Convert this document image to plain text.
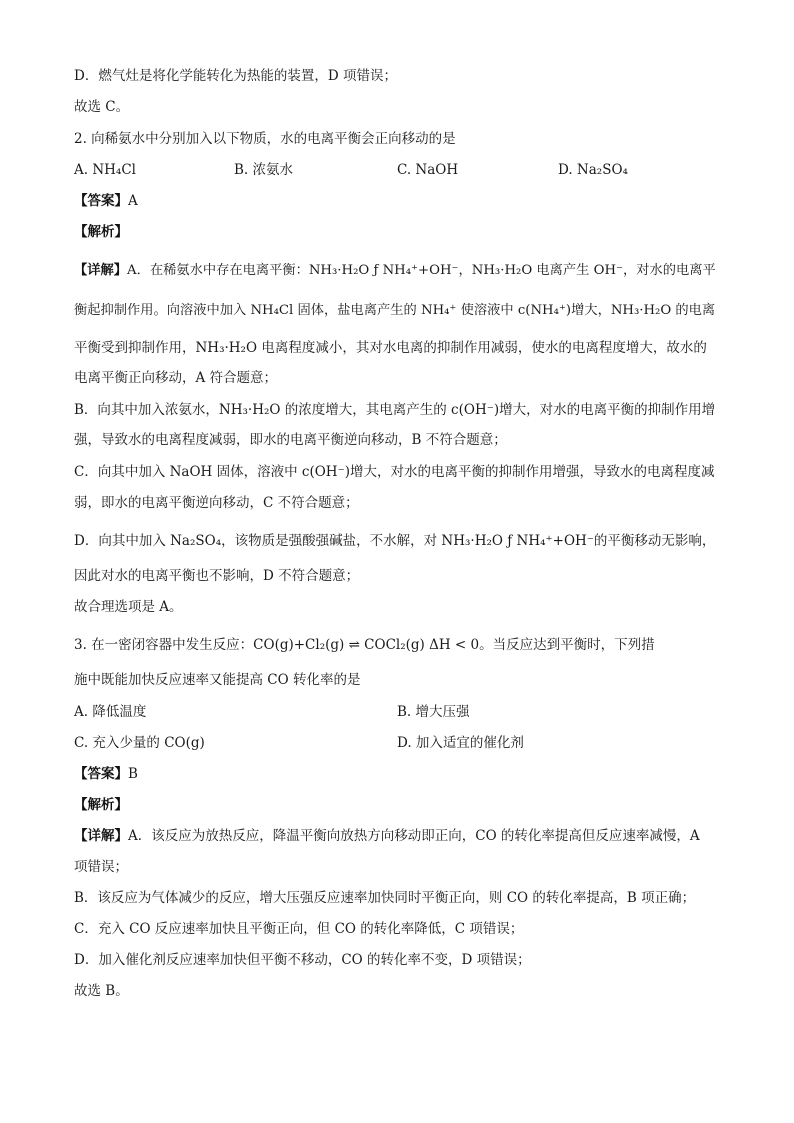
D．燃气灶是将化学能转化为热能的装置，D 项错误；
故选 C。
2. 向稀氨水中分别加入以下物质，水的电离平衡会正向移动的是
A. NH₄Cl	B. 浓氨水	C. NaOH	D. Na₂SO₄
【答案】A
【解析】
【详解】A．在稀氨水中存在电离平衡：NH₃·H₂O ƒ NH₄⁺+OH⁻，NH₃·H₂O 电离产生 OH⁻，对水的电离平
衡起抑制作用。向溶液中加入 NH₄Cl 固体，盐电离产生的 NH₄⁺ 使溶液中 c(NH₄⁺)增大，NH₃·H₂O 的电离
平衡受到抑制作用，NH₃·H₂O 电离程度减小，其对水电离的抑制作用减弱，使水的电离程度增大，故水的
电离平衡正向移动，A 符合题意；
B．向其中加入浓氨水，NH₃·H₂O 的浓度增大，其电离产生的 c(OH⁻)增大，对水的电离平衡的抑制作用增
强，导致水的电离程度减弱，即水的电离平衡逆向移动，B 不符合题意；
C．向其中加入 NaOH 固体，溶液中 c(OH⁻)增大，对水的电离平衡的抑制作用增强，导致水的电离程度减
弱，即水的电离平衡逆向移动，C 不符合题意；
D．向其中加入 Na₂SO₄，该物质是强酸强碱盐，不水解，对 NH₃·H₂O ƒ NH₄⁺+OH⁻的平衡移动无影响，
因此对水的电离平衡也不影响，D 不符合题意；
故合理选项是 A。
3. 在一密闭容器中发生反应：CO(g)+Cl₂(g) ⇌ COCl₂(g) ΔH < 0。当反应达到平衡时，下列措
施中既能加快反应速率又能提高 CO 转化率的是
A. 降低温度	B. 增大压强
C. 充入少量的 CO(g)	D. 加入适宜的催化剂
【答案】B
【解析】
【详解】A．该反应为放热反应，降温平衡向放热方向移动即正向，CO 的转化率提高但反应速率减慢，A
项错误；
B．该反应为气体减少的反应，增大压强反应速率加快同时平衡正向，则 CO 的转化率提高，B 项正确；
C．充入 CO 反应速率加快且平衡正向，但 CO 的转化率降低，C 项错误；
D．加入催化剂反应速率加快但平衡不移动，CO 的转化率不变，D 项错误；
故选 B。
